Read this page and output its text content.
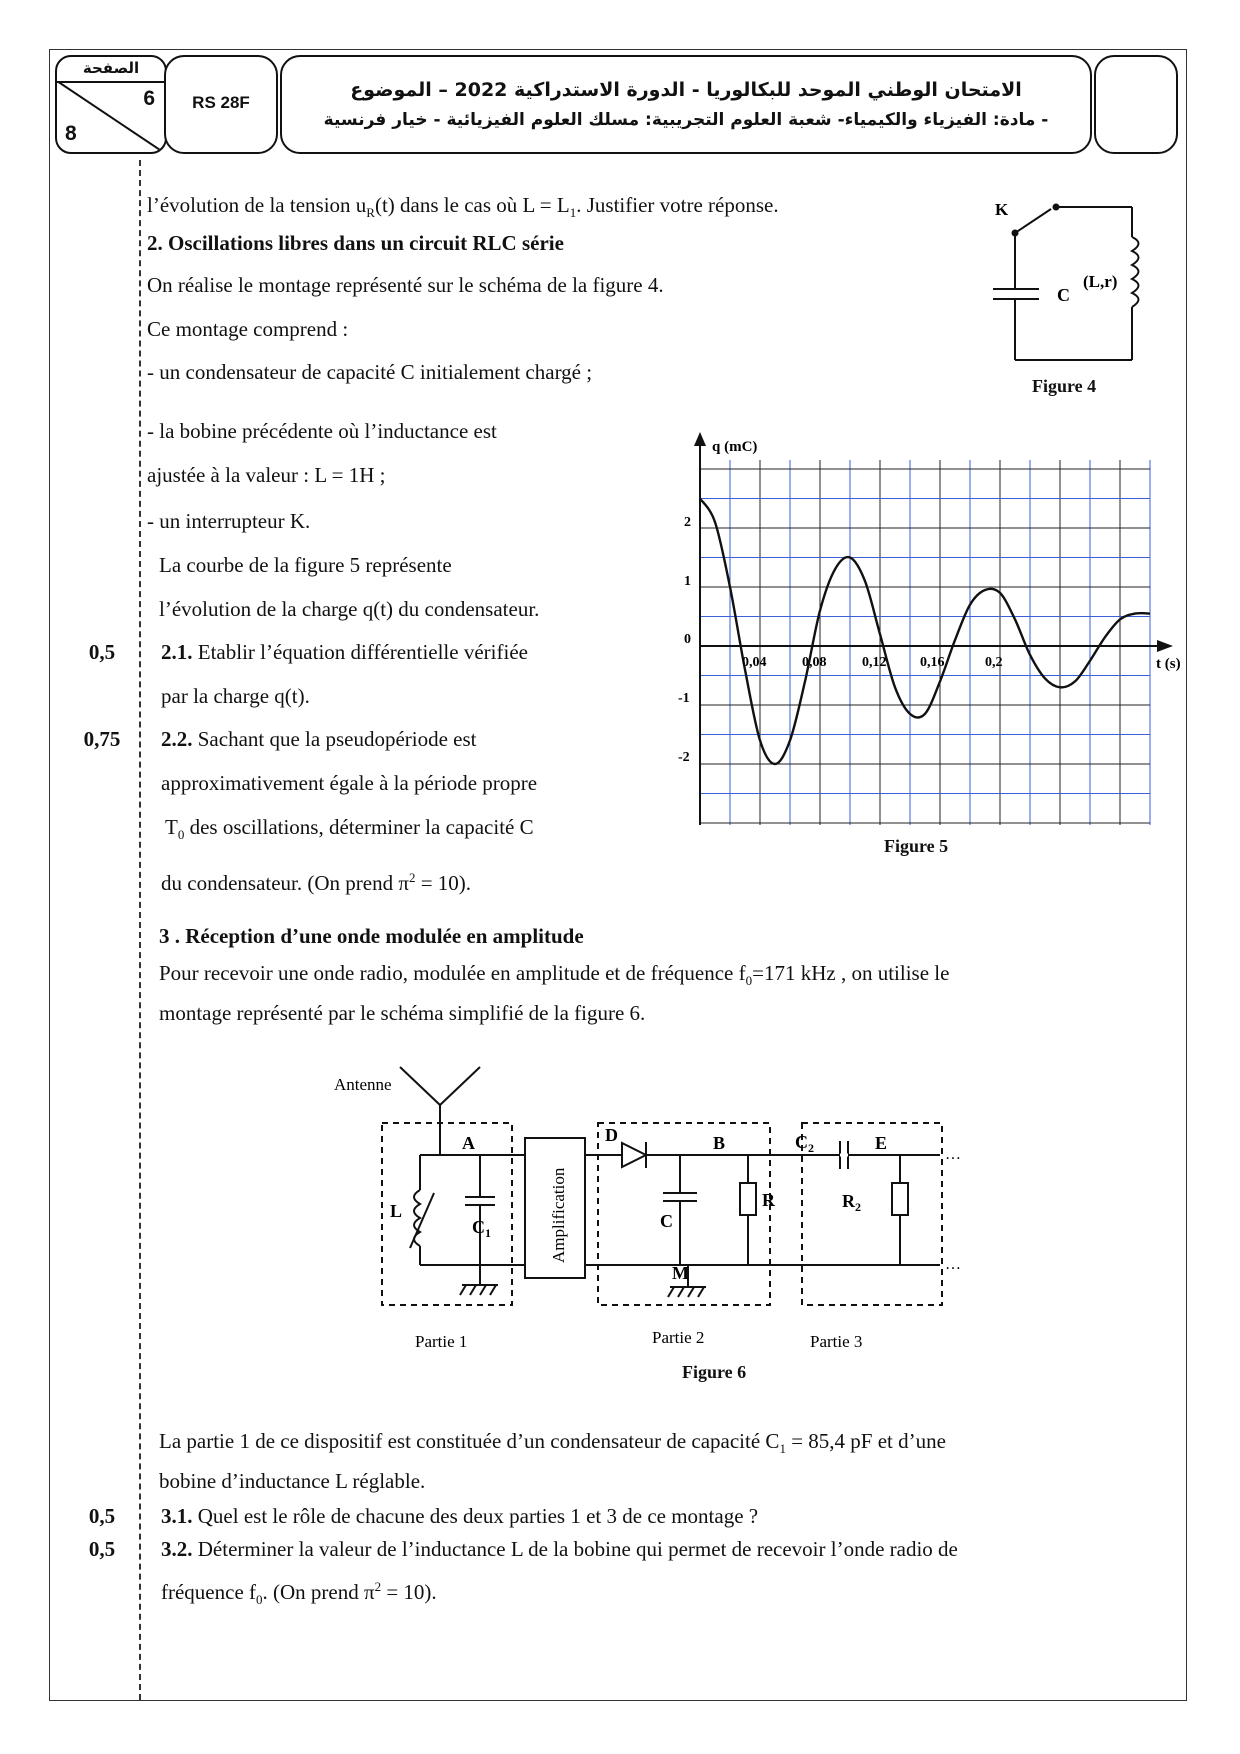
الصفحة
6
8
RS 28F
الامتحان الوطني الموحد للبكالوريا - الدورة الاستدراكية 2022 – الموضوع
- مادة: الفيزياء والكيمياء- شعبة العلوم التجريبية: مسلك العلوم الفيزيائية - خيار فرنسية
l’évolution de la tension $u_R(t)$ dans le cas où $L = L_1$. Justifier votre réponse.
2. Oscillations libres dans un circuit RLC série
On réalise le montage représenté sur le schéma de la figure 4.
Ce montage comprend :
- un condensateur de capacité C initialement chargé ;
- la bobine précédente où l’inductance est
ajustée à la valeur : L = 1H ;
- un interrupteur K.
La courbe de la figure 5 représente
l’évolution de la charge q(t) du condensateur.
0,5	2.1. Etablir l’équation différentielle vérifiée
par la charge q(t).
0,75	2.2. Sachant que la pseudopériode est
approximativement égale à la période propre
$T_0$ des oscillations, déterminer la capacité C
du condensateur. (On prend $\pi^2 = 10$).
3 . Réception d’une onde modulée en amplitude
Pour recevoir une onde radio, modulée en amplitude et de fréquence $f_0=171$ kHz , on utilise le
montage représenté par le schéma simplifié de la figure 6.
La partie 1 de ce dispositif est constituée d’un condensateur de capacité $C_1 = 85,4$ pF et d’une
bobine d’inductance L réglable.
0,5	3.1. Quel est le rôle de chacune des deux parties 1 et 3 de ce montage ?
0,5	3.2. Déterminer la valeur de l’inductance L de la bobine qui permet de recevoir l’onde radio de
fréquence $f_0$. (On prend $\pi^2 = 10$).
K
C
(L,r)
Figure 4
q (mC)
t (s)
2
1
0
-1
-2
0,04	0,08	0,12 0,16	0,2
Figure 5
Antenne
A	D	B	$C_2$	E
L
$C_1$	Amplification	C
R
M
$R_2$
…
…
Partie 1	Partie 2	Partie 3
Figure 6
